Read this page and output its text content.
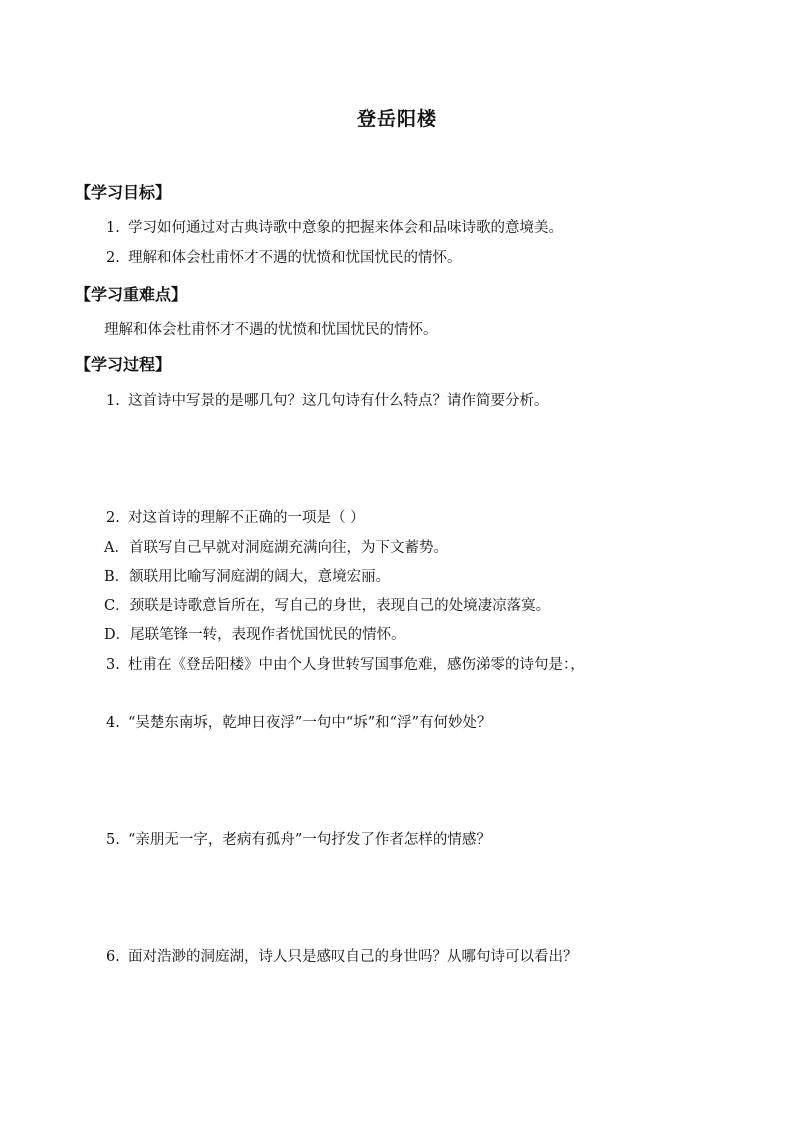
登岳阳楼
【学习目标】
1. 学习如何通过对古典诗歌中意象的把握来体会和品味诗歌的意境美。
2. 理解和体会杜甫怀才不遇的忧愤和忧国忧民的情怀。
【学习重难点】
理解和体会杜甫怀才不遇的忧愤和忧国忧民的情怀。
【学习过程】
1. 这首诗中写景的是哪几句？这几句诗有什么特点？请作简要分析。
2. 对这首诗的理解不正确的一项是（ ）
A．首联写自己早就对洞庭湖充满向往，为下文蓄势。
B．颔联用比喻写洞庭湖的阔大，意境宏丽。
C．颈联是诗歌意旨所在，写自己的身世，表现自己的处境凄凉落寞。
D．尾联笔锋一转，表现作者忧国忧民的情怀。
3. 杜甫在《登岳阳楼》中由个人身世转写国事危难，感伤涕零的诗句是：，
4. “吴楚东南坼，乾坤日夜浮”一句中“坼”和“浮”有何妙处？
5. “亲朋无一字，老病有孤舟”一句抒发了作者怎样的情感？
6. 面对浩渺的洞庭湖，诗人只是感叹自己的身世吗？从哪句诗可以看出？
